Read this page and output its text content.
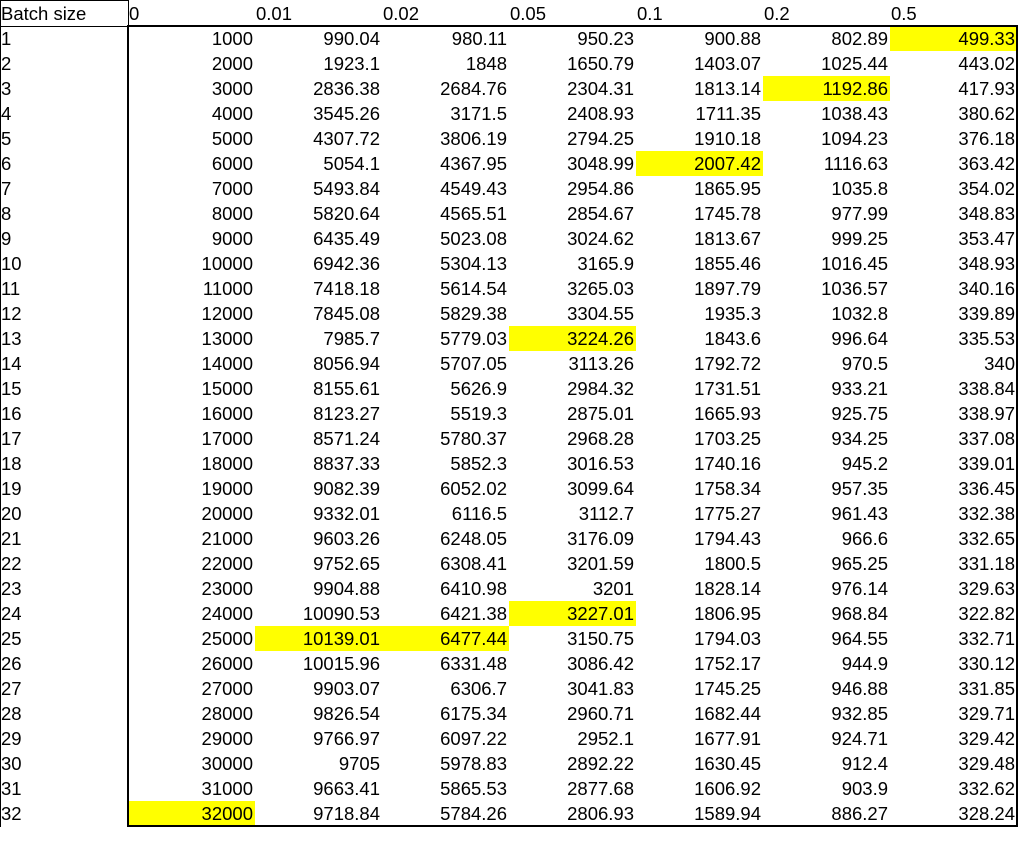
Batch size	0	0.01	0.02	0.05	0.1	0.2	0.5
1	1000	990.04	980.11	950.23	900.88	802.89	499.33
2	2000	1923.1	1848	1650.79	1403.07	1025.44	443.02
3	3000	2836.38	2684.76	2304.31	1813.14	1192.86	417.93
4	4000	3545.26	3171.5	2408.93	1711.35	1038.43	380.62
5	5000	4307.72	3806.19	2794.25	1910.18	1094.23	376.18
6	6000	5054.1	4367.95	3048.99	2007.42	1116.63	363.42
7	7000	5493.84	4549.43	2954.86	1865.95	1035.8	354.02
8	8000	5820.64	4565.51	2854.67	1745.78	977.99	348.83
9	9000	6435.49	5023.08	3024.62	1813.67	999.25	353.47
10	10000	6942.36	5304.13	3165.9	1855.46	1016.45	348.93
11	11000	7418.18	5614.54	3265.03	1897.79	1036.57	340.16
12	12000	7845.08	5829.38	3304.55	1935.3	1032.8	339.89
13	13000	7985.7	5779.03	3224.26	1843.6	996.64	335.53
14	14000	8056.94	5707.05	3113.26	1792.72	970.5	340
15	15000	8155.61	5626.9	2984.32	1731.51	933.21	338.84
16	16000	8123.27	5519.3	2875.01	1665.93	925.75	338.97
17	17000	8571.24	5780.37	2968.28	1703.25	934.25	337.08
18	18000	8837.33	5852.3	3016.53	1740.16	945.2	339.01
19	19000	9082.39	6052.02	3099.64	1758.34	957.35	336.45
20	20000	9332.01	6116.5	3112.7	1775.27	961.43	332.38
21	21000	9603.26	6248.05	3176.09	1794.43	966.6	332.65
22	22000	9752.65	6308.41	3201.59	1800.5	965.25	331.18
23	23000	9904.88	6410.98	3201	1828.14	976.14	329.63
24	24000	10090.53	6421.38	3227.01	1806.95	968.84	322.82
25	25000	10139.01	6477.44	3150.75	1794.03	964.55	332.71
26	26000	10015.96	6331.48	3086.42	1752.17	944.9	330.12
27	27000	9903.07	6306.7	3041.83	1745.25	946.88	331.85
28	28000	9826.54	6175.34	2960.71	1682.44	932.85	329.71
29	29000	9766.97	6097.22	2952.1	1677.91	924.71	329.42
30	30000	9705	5978.83	2892.22	1630.45	912.4	329.48
31	31000	9663.41	5865.53	2877.68	1606.92	903.9	332.62
32	32000	9718.84	5784.26	2806.93	1589.94	886.27	328.24
